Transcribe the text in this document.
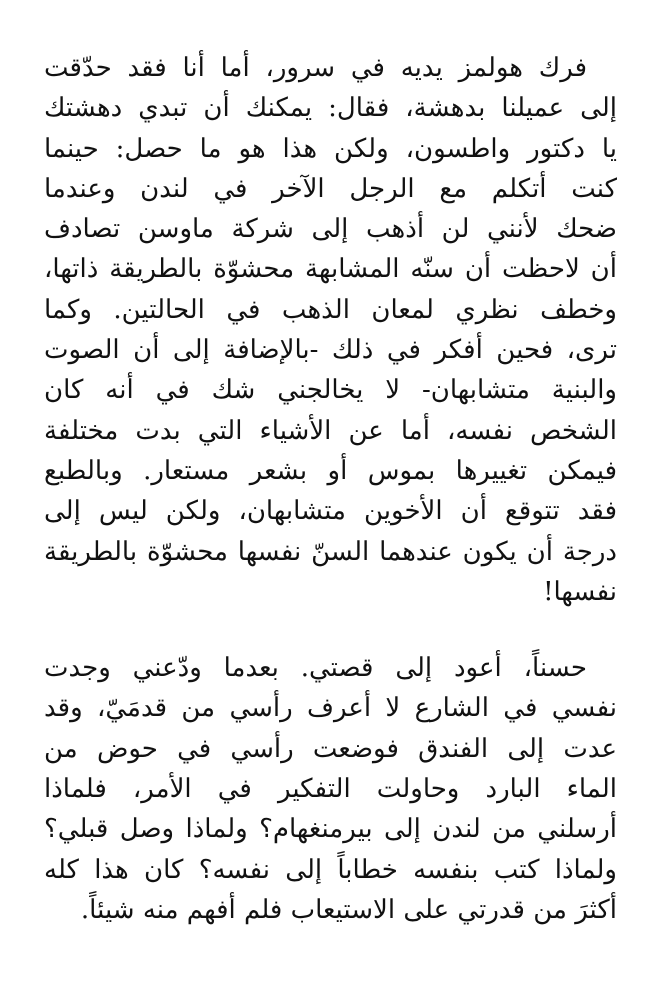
فرك هولمز يديه في سرور، أما أنا فقد حدّقت
إلى عميلنا بدهشة، فقال: يمكنك أن تبدي دهشتك
يا دكتور واطسون، ولكن هذا هو ما حصل: حينما
كنت أتكلم مع الرجل الآخر في لندن وعندما
ضحك لأنني لن أذهب إلى شركة ماوسن تصادف
أن لاحظت أن سنّه المشابهة محشوّة بالطريقة ذاتها،
وخطف نظري لمعان الذهب في الحالتين. وكما
ترى، فحين أفكر في ذلك -بالإضافة إلى أن الصوت
والبنية متشابهان- لا يخالجني شك في أنه كان
الشخص نفسه، أما عن الأشياء التي بدت مختلفة
فيمكن تغييرها بموس أو بشعر مستعار. وبالطبع
فقد تتوقع أن الأخوين متشابهان، ولكن ليس إلى
درجة أن يكون عندهما السنّ نفسها محشوّة بالطريقة
نفسها!
حسناً، أعود إلى قصتي. بعدما ودّعني وجدت
نفسي في الشارع لا أعرف رأسي من قدمَيّ، وقد
عدت إلى الفندق فوضعت رأسي في حوض من
الماء البارد وحاولت التفكير في الأمر، فلماذا
أرسلني من لندن إلى بيرمنغهام؟ ولماذا وصل قبلي؟
ولماذا كتب بنفسه خطاباً إلى نفسه؟ كان هذا كله
أكثرَ من قدرتي على الاستيعاب فلم أفهم منه شيئاً.
